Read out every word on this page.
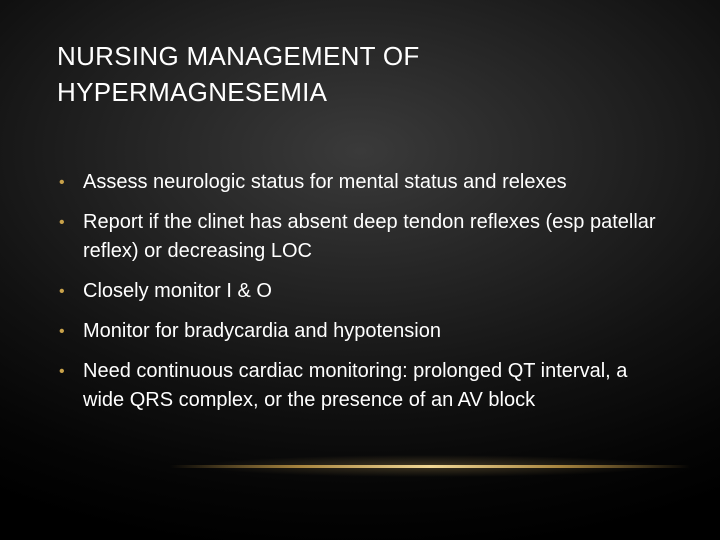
NURSING MANAGEMENT OF
HYPERMAGNESEMIA
• Assess neurologic status for mental status and relexes
• Report if the clinet has absent deep tendon reflexes (esp patellar reflex) or decreasing LOC
• Closely monitor I & O
• Monitor for bradycardia and hypotension
• Need continuous cardiac monitoring: prolonged QT interval, a wide QRS complex, or the presence of an AV block
